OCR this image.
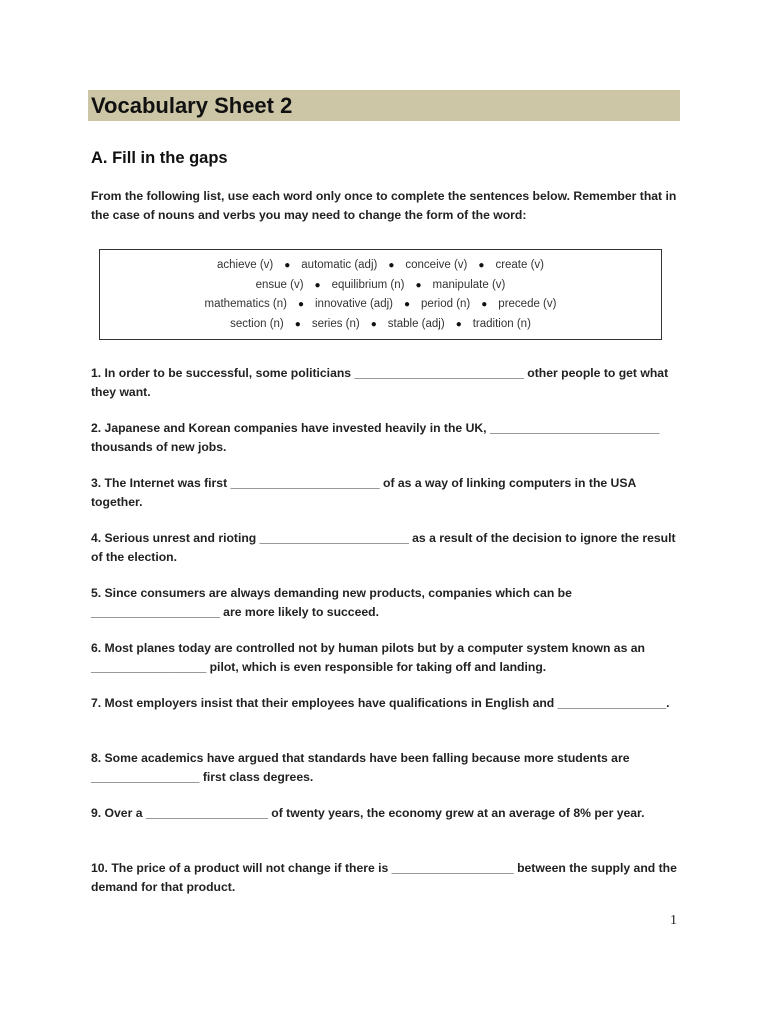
Vocabulary Sheet 2
A. Fill in the gaps

From the following list, use each word only once to complete the sentences below. Remember that in the case of nouns and verbs you may need to change the form of the word:

achieve (v) ● automatic (adj) ● conceive (v) ● create (v)
ensue (v) ● equilibrium (n) ● manipulate (v)
mathematics (n) ● innovative (adj) ● period (n) ● precede (v)
section (n) ● series (n) ● stable (adj) ● tradition (n)
1. In order to be successful, some politicians _________________________ other people to get what they want.
2. Japanese and Korean companies have invested heavily in the UK, _________________________ thousands of new jobs.
3. The Internet was first ______________________ of as a way of linking computers in the USA together.
4. Serious unrest and rioting ______________________ as a result of the decision to ignore the result of the election.
5. Since consumers are always demanding new products, companies which can be ___________________ are more likely to succeed.
6. Most planes today are controlled not by human pilots but by a computer system known as an _________________ pilot, which is even responsible for taking off and landing.
7. Most employers insist that their employees have qualifications in English and ________________.
8. Some academics have argued that standards have been falling because more students are ________________ first class degrees.
9. Over a __________________ of twenty years, the economy grew at an average of 8% per year.
10. The price of a product will not change if there is __________________ between the supply and the demand for that product.
1
